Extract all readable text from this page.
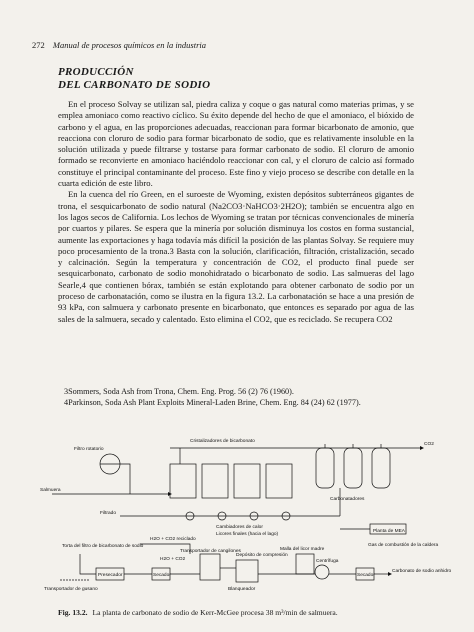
272 Manual de procesos químicos en la industria
PRODUCCIÓN
DEL CARBONATO DE SODIO

En el proceso Solvay se utilizan sal, piedra caliza y coque o gas natural como materias primas, y se emplea amoniaco como reactivo cíclico. Su éxito depende del hecho de que el amoniaco, el bióxido de carbono y el agua, en las proporciones adecuadas, reaccionan para formar bicarbonato de amonio, que reacciona con cloruro de sodio para formar bicarbonato de sodio, que es relativamente insoluble en la solución utilizada y puede filtrarse y tostarse para formar carbonato de sodio. El cloruro de amonio formado se reconvierte en amoniaco haciéndolo reaccionar con cal, y el cloruro de calcio así formado constituye el principal contaminante del proceso. Este fino y viejo proceso se describe con detalle en la cuarta edición de este libro.

En la cuenca del río Green, en el suroeste de Wyoming, existen depósitos subterráneos gigantes de trona, el sesquicarbonato de sodio natural (Na2CO3·NaHCO3·2H2O); también se encuentra algo en los lagos secos de California. Los lechos de Wyoming se tratan por técnicas convencionales de minería por cuartos y pilares. Se espera que la minería por solución disminuya los costos en forma sustancial, aumente las exportaciones y haga todavía más difícil la posición de las plantas Solvay. Se requiere muy poco procesamiento de la trona.3 Basta con la solución, clarificación, filtración, cristalización, secado y calcinación. Según la temperatura y concentración de CO2, el producto final puede ser sesquicarbonato, carbonato de sodio monohidratado o bicarbonato de sodio. Las salmueras del lago Searle,4 que contienen bórax, también se están explotando para obtener carbonato de sodio por un proceso de carbonatación, como se ilustra en la figura 13.2. La carbonatación se hace a una presión de 93 kPa, con salmuera y carbonato presente en bicarbonato, que entonces es separado por agua de las sales de la salmuera, secado y calentado. Esto elimina el CO2, que es reciclado. Se recupera CO2

3Sommers, Soda Ash from Trona, Chem. Eng. Prog. 56 (2) 76 (1960).

4Parkinson, Soda Ash Plant Exploits Mineral-Laden Brine, Chem. Eng. 84 (24) 62 (1977).

Filtro rotatorio
Cristalizadores de bicarbonato
CO2
Salmuera
Carbonatadores
Filtrado
Cambiadores de calor
Licores finales (hacia el lago)
H2O + CO2 reciclado
Planta de MEA
Gas de combustión de la caldera
Torta del filtro de bicarbonato de sodio
Transportador de cangilones
Depósito de compresión
Malla del licor madre
H2O + CO2
Presecador	Secador
Blanqueador
Centrífuga
Secador
Carbonato de sodio anhidro
Transportador de gusano
Fig. 13.2. La planta de carbonato de sodio de Kerr-McGee procesa 38 m³/min de salmuera.
